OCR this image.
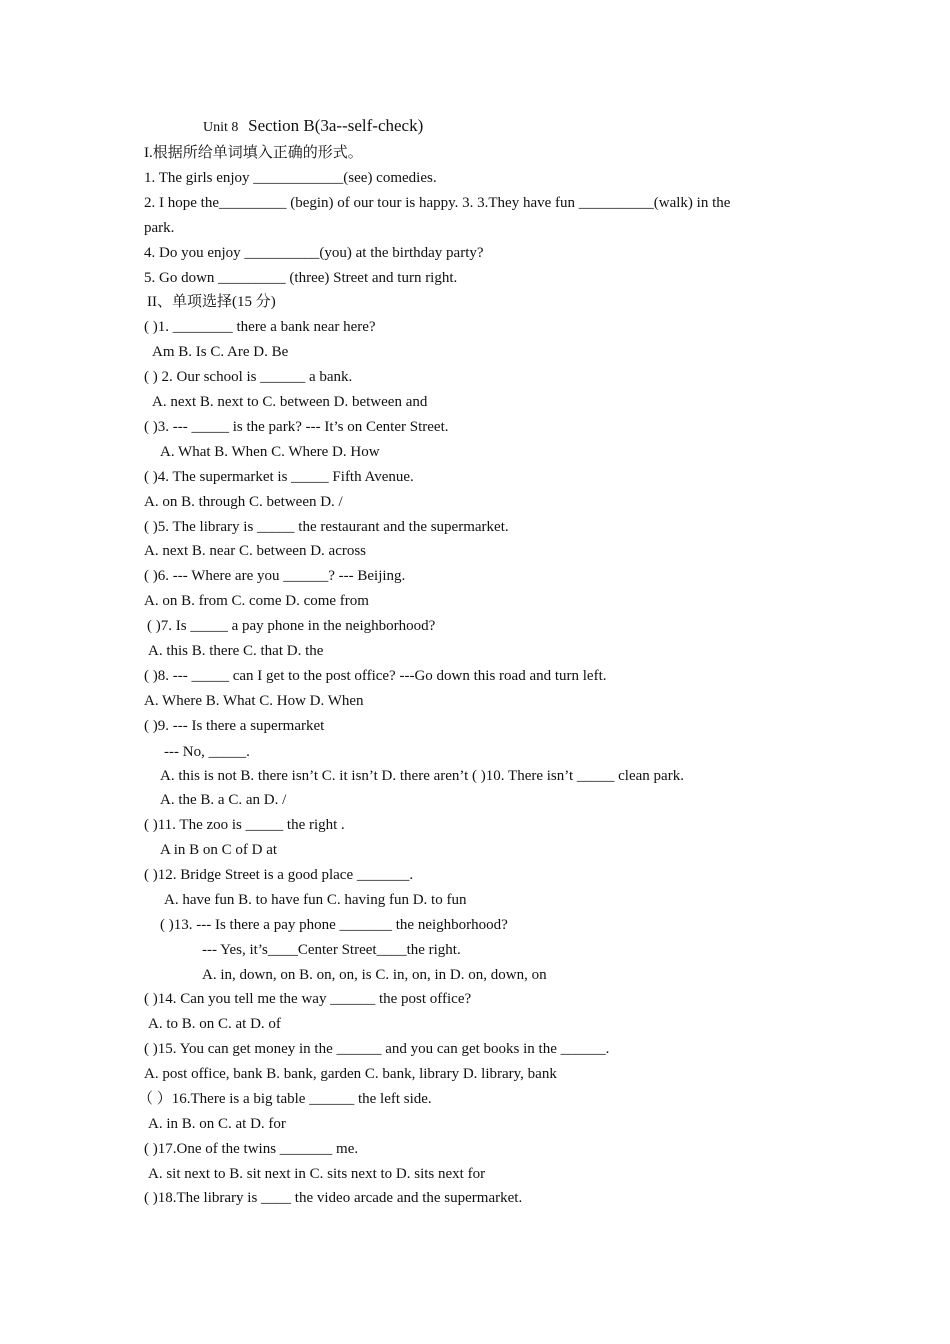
Unit 8 Section B(3a--self-check)
I.根据所给单词填入正确的形式。
1. The girls enjoy ____________(see) comedies.
2. I hope the_________ (begin) of our tour is happy. 3. 3.They have fun __________(walk) in the
park.
4. Do you enjoy __________(you) at the birthday party?
5. Go down _________ (three) Street and turn right.
II、单项选择(15 分)
( )1. ________ there a bank near here?
Am B. Is C. Are D. Be
( ) 2. Our school is ______ a bank.
A. next B. next to C. between D. between and
( )3. --- _____ is the park? --- It’s on Center Street.
A. What B. When C. Where D. How
( )4. The supermarket is _____ Fifth Avenue.
A. on B. through C. between D. /
( )5. The library is _____ the restaurant and the supermarket.
A. next B. near C. between D. across
( )6. --- Where are you ______? --- Beijing.
A. on B. from C. come D. come from
( )7. Is _____ a pay phone in the neighborhood?
A. this B. there C. that D. the
( )8. --- _____ can I get to the post office? ---Go down this road and turn left.
A. Where B. What C. How D. When
( )9. --- Is there a supermarket
--- No, _____.
A. this is not B. there isn’t C. it isn’t D. there aren’t ( )10. There isn’t _____ clean park.
A. the B. a C. an D. /
( )11. The zoo is _____ the right .
A in B on C of D at
( )12. Bridge Street is a good place _______.
A. have fun B. to have fun C. having fun D. to fun
( )13. --- Is there a pay phone _______ the neighborhood?
--- Yes, it’s____Center Street____the right.
A. in, down, on B. on, on, is C. in, on, in D. on, down, on
( )14. Can you tell me the way ______ the post office?
A. to B. on C. at D. of
( )15. You can get money in the ______ and you can get books in the ______.
A. post office, bank B. bank, garden C. bank, library D. library, bank
（ ）16.There is a big table ______ the left side.
A. in B. on C. at D. for
( )17.One of the twins _______ me.
A. sit next to B. sit next in C. sits next to D. sits next for
( )18.The library is ____ the video arcade and the supermarket.
